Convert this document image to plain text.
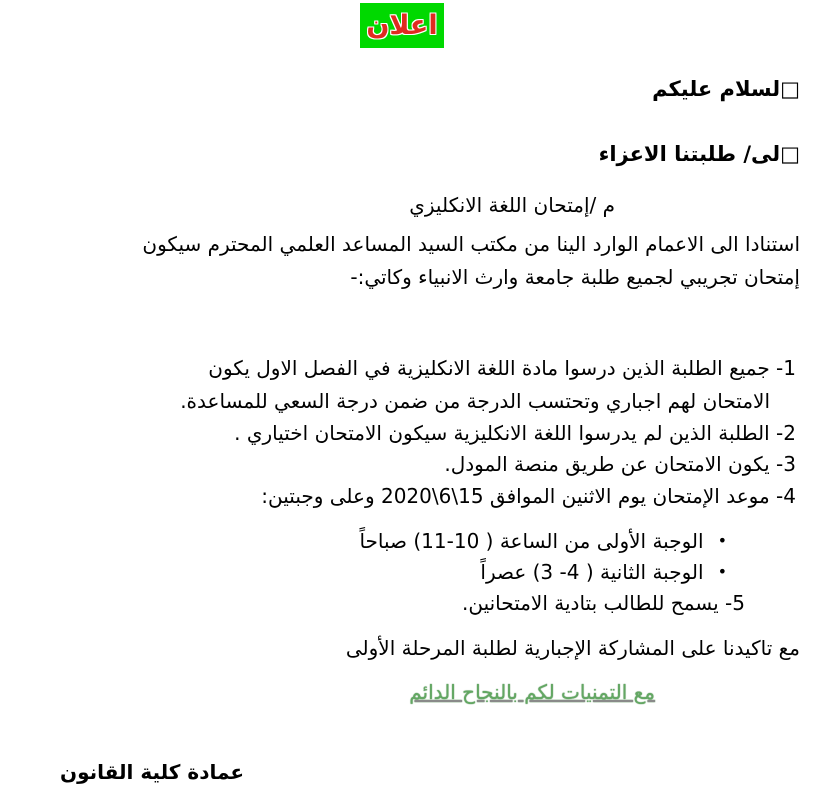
اعلان
□لسلام عليكم
□لى/ طلبتنا الاعزاء
م /إمتحان اللغة الانكليزي
استنادا الى الاعمام الوارد الينا من مكتب السيد المساعد العلمي المحترم سيكون
إمتحان تجريبي لجميع طلبة جامعة وارث الانبياء وكاتي:-
1- جميع الطلبة الذين درسوا مادة اللغة الانكليزية في الفصل الاول يكون
الامتحان لهم اجباري وتحتسب الدرجة من ضمن درجة السعي للمساعدة.
2- الطلبة الذين لم يدرسوا اللغة الانكليزية سيكون الامتحان اختياري .
3- يكون الامتحان عن طريق منصة المودل.
4- موعد الإمتحان يوم الاثنين الموافق 15\6\2020 وعلى وجبتين:
•
الوجبة الأولى من الساعة ( 10-11) صباحاً
•
الوجبة الثانية ( 4- 3) عصراً
5- يسمح للطالب بتادية الامتحانين.
مع تاكيدنا على المشاركة الإجبارية لطلبة المرحلة الأولى
مع التمنيات لكم بالنجاح الدائم
عمادة كلية القانون
